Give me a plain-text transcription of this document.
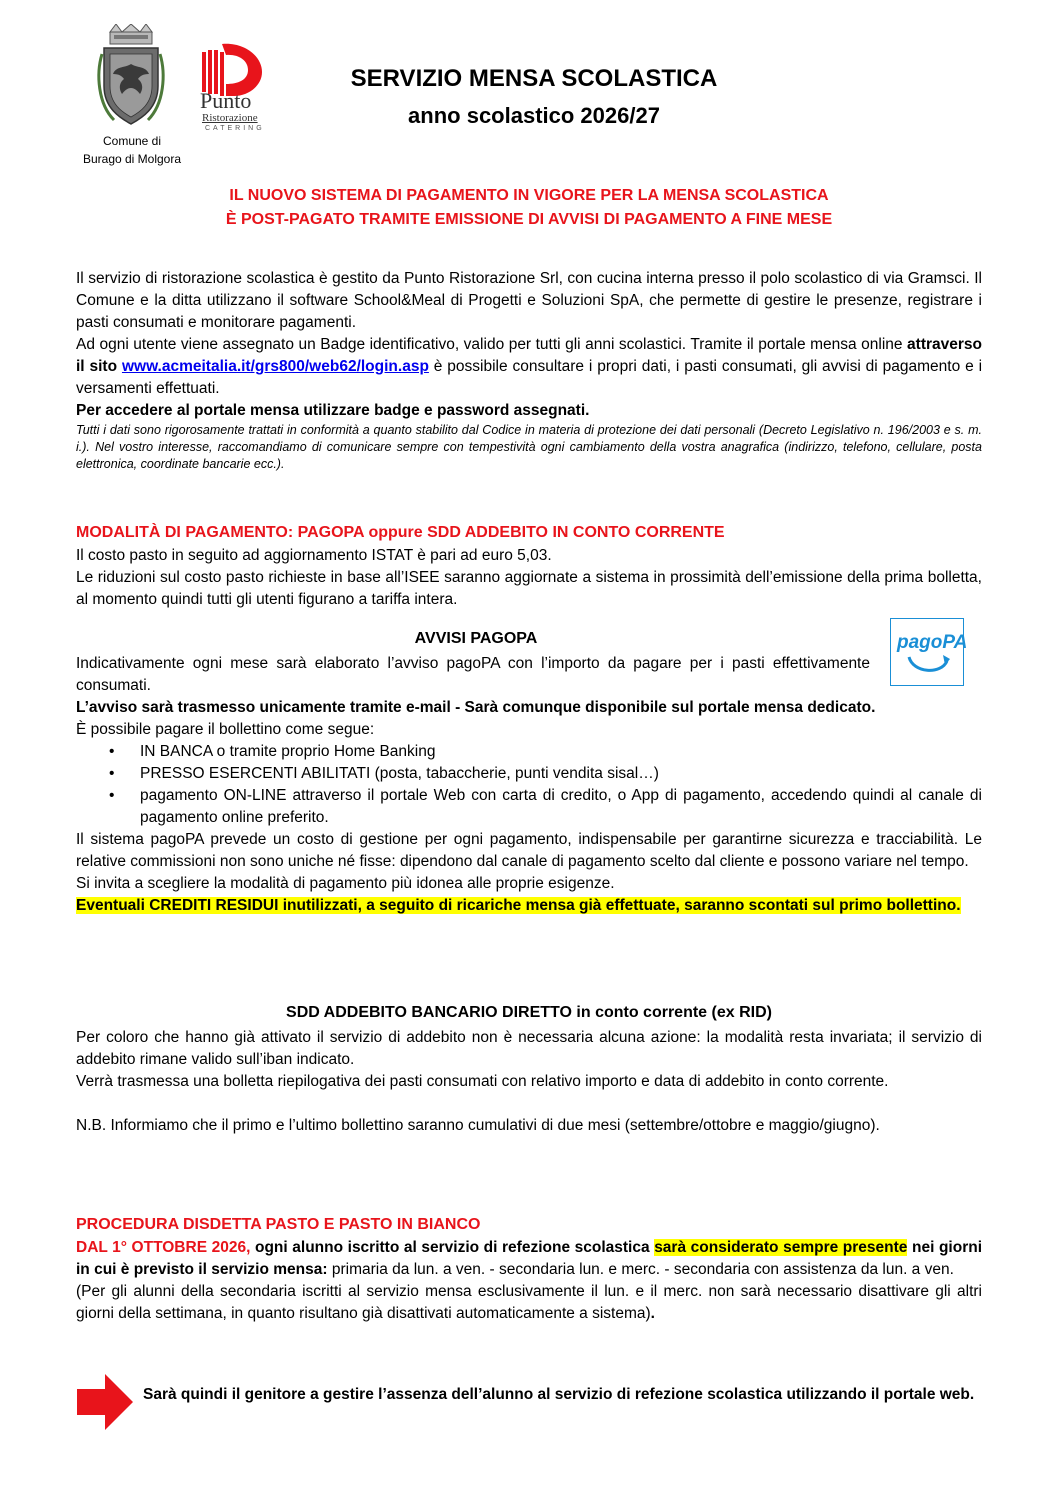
Comune di
Burago di Molgora
Punto
Ristorazione
CATERING
SERVIZIO MENSA SCOLASTICA
anno scolastico 2026/27
IL NUOVO SISTEMA DI PAGAMENTO IN VIGORE PER LA MENSA SCOLASTICA
È POST-PAGATO TRAMITE EMISSIONE DI AVVISI DI PAGAMENTO A FINE MESE
Il servizio di ristorazione scolastica è gestito da Punto Ristorazione Srl, con cucina interna presso il polo scolastico di via Gramsci. Il Comune e la ditta utilizzano il software School&Meal di Progetti e Soluzioni SpA, che permette di gestire le presenze, registrare i pasti consumati e monitorare pagamenti.
Ad ogni utente viene assegnato un Badge identificativo, valido per tutti gli anni scolastici. Tramite il portale mensa online attraverso il sito www.acmeitalia.it/grs800/web62/login.asp è possibile consultare i propri dati, i pasti consumati, gli avvisi di pagamento e i versamenti effettuati.
Per accedere al portale mensa utilizzare badge e password assegnati.
Tutti i dati sono rigorosamente trattati in conformità a quanto stabilito dal Codice in materia di protezione dei dati personali (Decreto Legislativo n. 196/2003 e s. m. i.). Nel vostro interesse, raccomandiamo di comunicare sempre con tempestività ogni cambiamento della vostra anagrafica (indirizzo, telefono, cellulare, posta elettronica, coordinate bancarie ecc.).
MODALITÀ DI PAGAMENTO: PAGOPA oppure SDD ADDEBITO IN CONTO CORRENTE
Il costo pasto in seguito ad aggiornamento ISTAT è pari ad euro 5,03.
Le riduzioni sul costo pasto richieste in base all’ISEE saranno aggiornate a sistema in prossimità dell’emissione della prima bolletta, al momento quindi tutti gli utenti figurano a tariffa intera.
AVVISI PAGOPA	pagoPA
Indicativamente ogni mese sarà elaborato l’avviso pagoPA con l’importo da pagare per i pasti effettivamente consumati.
L’avviso sarà trasmesso unicamente tramite e-mail - Sarà comunque disponibile sul portale mensa dedicato.
È possibile pagare il bollettino come segue:
• IN BANCA o tramite proprio Home Banking
• PRESSO ESERCENTI ABILITATI (posta, tabaccherie, punti vendita sisal…)
• pagamento ON-LINE attraverso il portale Web con carta di credito, o App di pagamento, accedendo quindi al canale di pagamento online preferito.
Il sistema pagoPA prevede un costo di gestione per ogni pagamento, indispensabile per garantirne sicurezza e tracciabilità. Le relative commissioni non sono uniche né fisse: dipendono dal canale di pagamento scelto dal cliente e possono variare nel tempo.
Si invita a scegliere la modalità di pagamento più idonea alle proprie esigenze.
Eventuali CREDITI RESIDUI inutilizzati, a seguito di ricariche mensa già effettuate, saranno scontati sul primo bollettino.
SDD ADDEBITO BANCARIO DIRETTO in conto corrente (ex RID)
Per coloro che hanno già attivato il servizio di addebito non è necessaria alcuna azione: la modalità resta invariata; il servizio di addebito rimane valido sull’iban indicato.
Verrà trasmessa una bolletta riepilogativa dei pasti consumati con relativo importo e data di addebito in conto corrente.
N.B. Informiamo che il primo e l’ultimo bollettino saranno cumulativi di due mesi (settembre/ottobre e maggio/giugno).
PROCEDURA DISDETTA PASTO E PASTO IN BIANCO
DAL 1° OTTOBRE 2026, ogni alunno iscritto al servizio di refezione scolastica sarà considerato sempre presente nei giorni in cui è previsto il servizio mensa: primaria da lun. a ven. - secondaria lun. e merc. - secondaria con assistenza da lun. a ven.
(Per gli alunni della secondaria iscritti al servizio mensa esclusivamente il lun. e il merc. non sarà necessario disattivare gli altri giorni della settimana, in quanto risultano già disattivati automaticamente a sistema).
Sarà quindi il genitore a gestire l’assenza dell’alunno al servizio di refezione scolastica utilizzando il portale web.
